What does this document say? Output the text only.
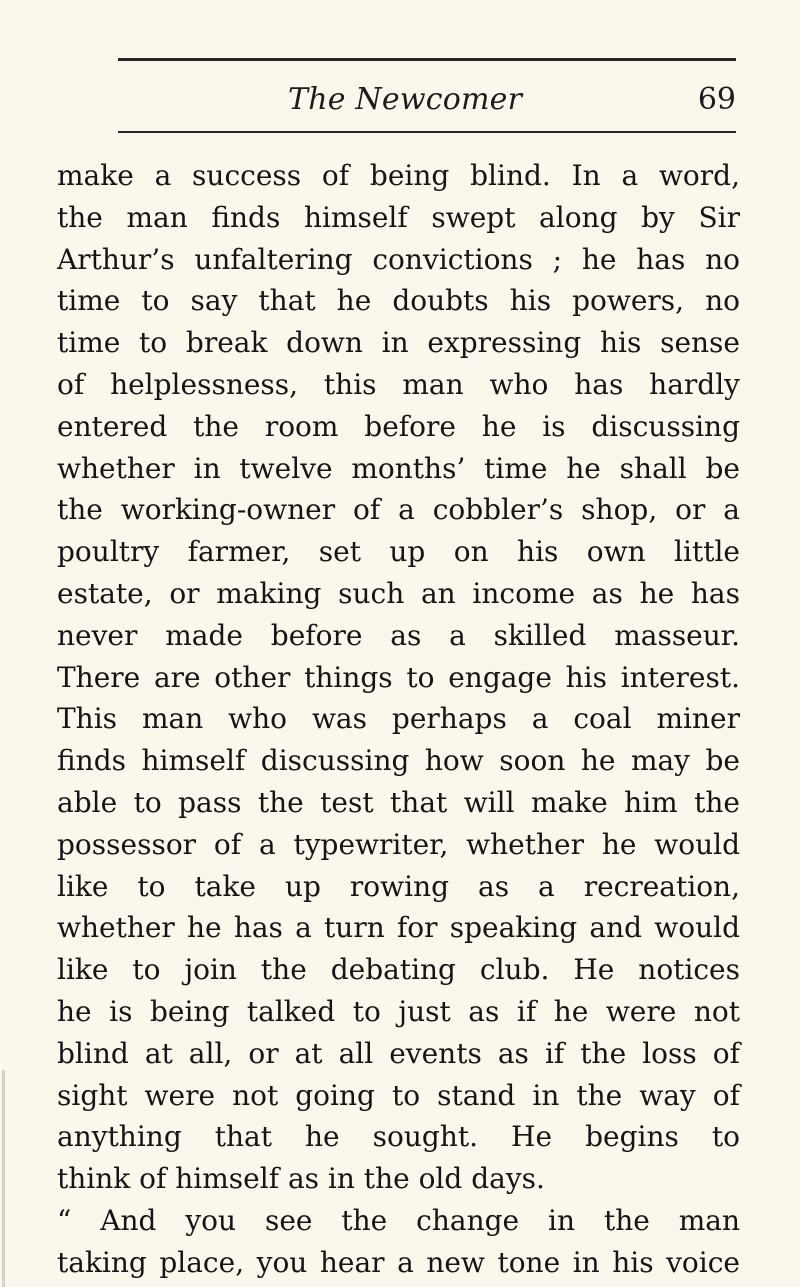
The Newcomer	69
make a success of being blind. In a word,
the man finds himself swept along by Sir
Arthur’s unfaltering convictions ; he has no
time to say that he doubts his powers, no
time to break down in expressing his sense
of helplessness, this man who has hardly
entered the room before he is discussing
whether in twelve months’ time he shall be
the working-owner of a cobbler’s shop, or a
poultry farmer, set up on his own little
estate, or making such an income as he has
never made before as a skilled masseur.
There are other things to engage his interest.
This man who was perhaps a coal miner
finds himself discussing how soon he may be
able to pass the test that will make him the
possessor of a typewriter, whether he would
like to take up rowing as a recreation,
whether he has a turn for speaking and would
like to join the debating club. He notices
he is being talked to just as if he were not
blind at all, or at all events as if the loss of
sight were not going to stand in the way of
anything that he sought. He begins to
think of himself as in the old days.
“ And you see the change in the man
taking place, you hear a new tone in his voice
